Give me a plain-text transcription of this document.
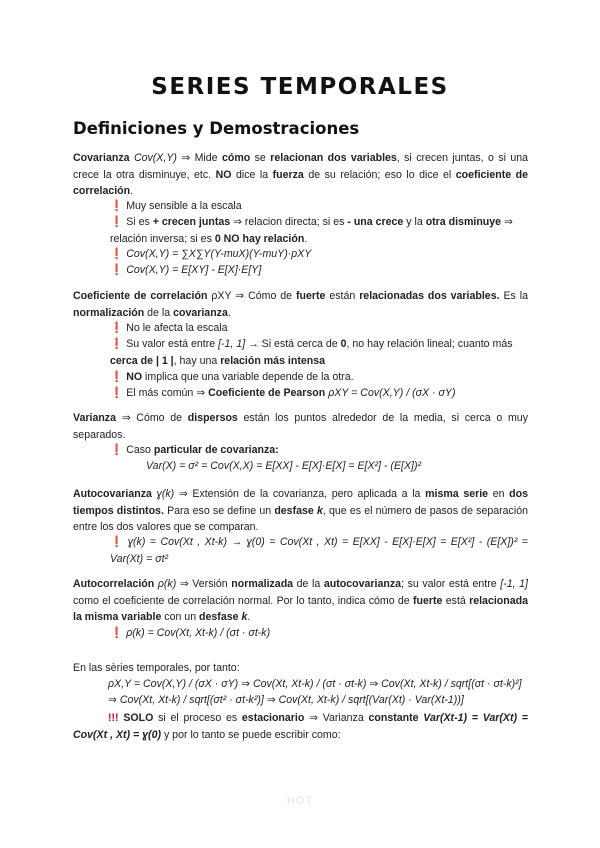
SERIES TEMPORALES
Definiciones y Demostraciones
Covarianza Cov(X,Y) ⇒ Mide cómo se relacionan dos variables, si crecen juntas, o si una crece la otra disminuye, etc. NO dice la fuerza de su relación; eso lo dice el coeficiente de correlación.
❗ Muy sensible a la escala
❗ Si es + crecen juntas ⇒ relacion directa; si es - una crece y la otra disminuye ⇒ relación inversa; si es 0 NO hay relación.
❗ Cov(X,Y) = ∑X∑Y(Y-muX)(Y-muY)·pXY
❗ Cov(X,Y) = E[XY] - E[X]·E[Y]
Coeficiente de correlación ρXY ⇒ Cómo de fuerte están relacionadas dos variables. Es la normalización de la covarianza.
❗ No le afecta la escala
❗ Su valor está entre [-1, 1] → Si está cerca de 0, no hay relación lineal; cuanto más cerca de | 1 |, hay una relación más intensa
❗ NO implica que una variable depende de la otra.
❗ El más común ⇒ Coeficiente de Pearson ρXY = Cov(X,Y) / (σX · σY)
Varianza ⇒ Cómo de dispersos están los puntos alrededor de la media, si cerca o muy separados.
❗ Caso particular de covarianza:
Var(X) = σ² = Cov(X,X) = E[XX] - E[X]·E[X] = E[X²] - (E[X])²
Autocovarianza ɣ(k) ⇒ Extensión de la covarianza, pero aplicada a la misma serie en dos tiempos distintos. Para eso se define un desfase k, que es el número de pasos de separación entre los dos valores que se comparan.
❗ ɣ(k) = Cov(Xt , Xt-k) → ɣ(0) = Cov(Xt , Xt) = E[XX] - E[X]·E[X] = E[X²] - (E[X])² = Var(Xt) = σt²
Autocorrelación ρ(k) ⇒ Versión normalizada de la autocovarianza; su valor está entre [-1, 1] como el coeficiente de correlación normal. Por lo tanto, indica cómo de fuerte está relacionada la misma variable con un desfase k.
❗ ρ(k) = Cov(Xt, Xt-k) / (σt · σt-k)
En las sèries temporales, por tanto:
ρX,Y = Cov(X,Y) / (σX · σY) ⇒ Cov(Xt, Xt-k) / (σt · σt-k) ⇒ Cov(Xt, Xt-k) / sqrt[(σt · σt-k)²]
⇒ Cov(Xt, Xt-k) / sqrt[(σt² · σt-k²)] ⇒ Cov(Xt, Xt-k) / sqrt[(Var(Xt) · Var(Xt-1))]
!!! SOLO si el proceso es estacionario ⇒ Varianza constante Var(Xt-1) = Var(Xt) = Cov(Xt , Xt) = ɣ(0) y por lo tanto se puede escribir como:
HOT
